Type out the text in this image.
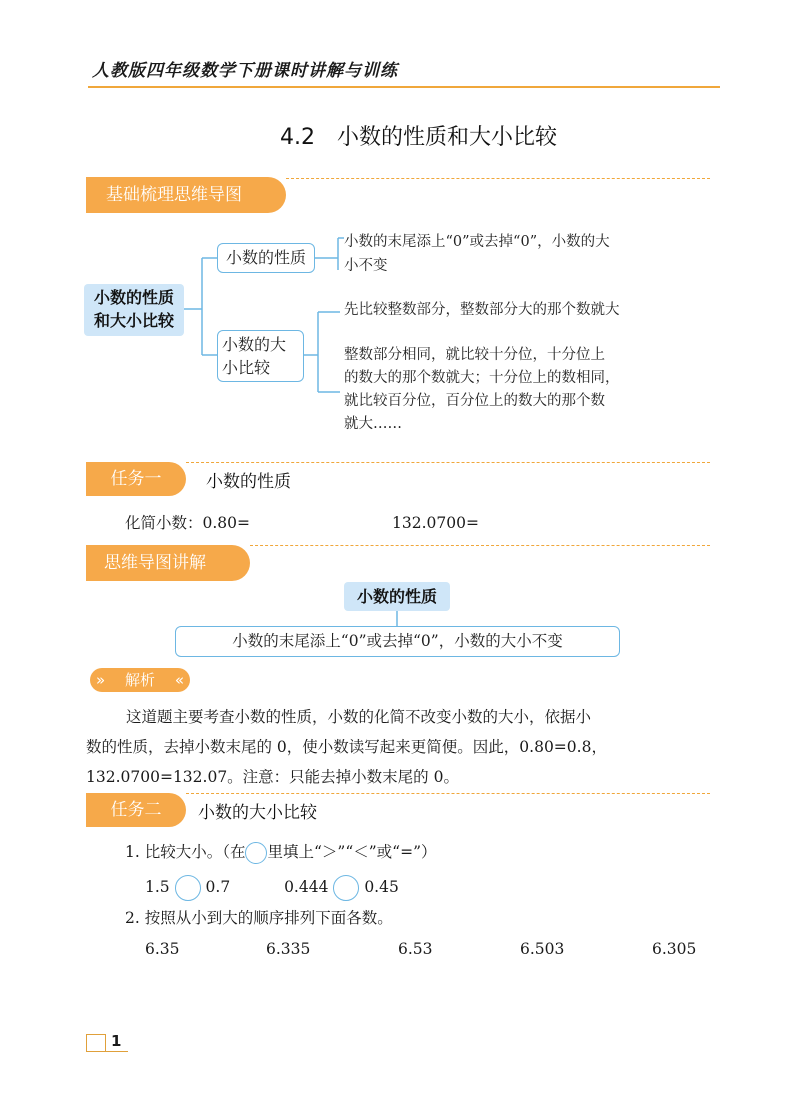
人教版四年级数学下册课时讲解与训练
4.2　小数的性质和大小比较
基础梳理思维导图
小数的性质
和大小比较
小数的性质
小数的大
小比较
小数的末尾添上“0”或去掉“0”，小数的大
小不变
先比较整数部分，整数部分大的那个数就大
整数部分相同，就比较十分位，十分位上
的数大的那个数就大；十分位上的数相同，
就比较百分位，百分位上的数大的那个数
就大……
任务一	小数的性质
化简小数：0.80=	132.0700=
思维导图讲解
小数的性质
小数的末尾添上“0”或去掉“0”，小数的大小不变
» 解析 «
这道题主要考查小数的性质，小数的化简不改变小数的大小，依据小
数的性质，去掉小数末尾的 0，使小数读写起来更简便。因此，0.80=0.8，
132.0700=132.07。注意：只能去掉小数末尾的 0。
任务二	小数的大小比较
1. 比较大小。（在 里填上“＞”“＜”或“=”）
1.5 0.7	0.444 0.45
2. 按照从小到大的顺序排列下面各数。
6.35	6.335	6.53	6.503	6.305
1
